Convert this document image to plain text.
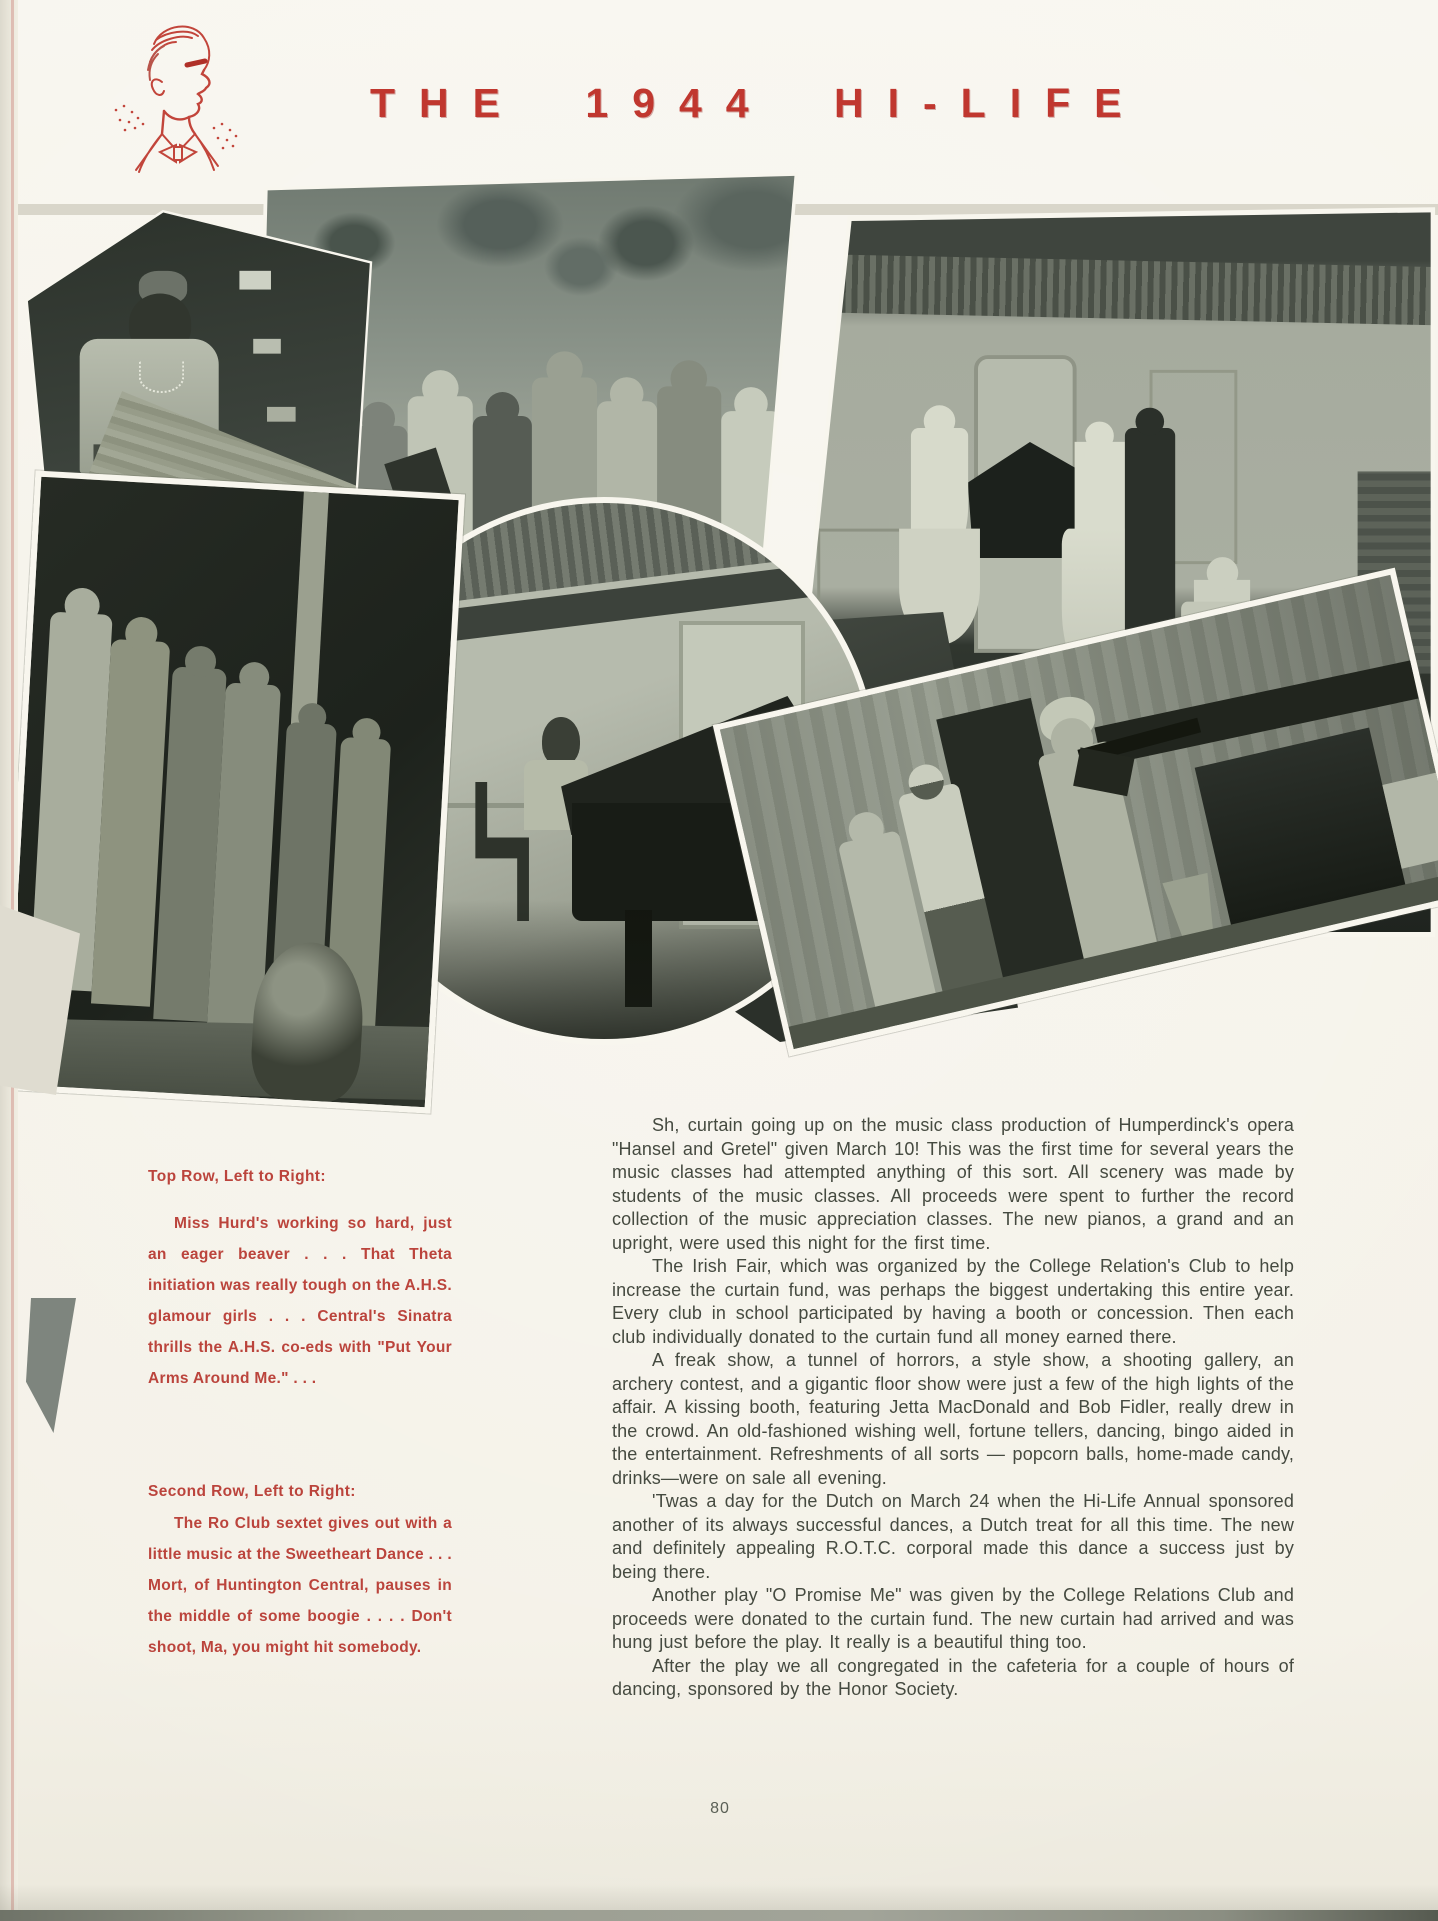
THE 1944 HI-LIFE
Top Row, Left to Right:

Miss Hurd's working so hard, just an eager beaver . . . That Theta initiation was really tough on the A.H.S. glamour girls . . . Central's Sinatra thrills the A.H.S. co-eds with "Put Your Arms Around Me." . . .

Second Row, Left to Right:

The Ro Club sextet gives out with a little music at the Sweetheart Dance . . . Mort, of Huntington Central, pauses in the middle of some boogie . . . . Don't shoot, Ma, you might hit somebody.

Sh, curtain going up on the music class production of Humperdinck's opera "Hansel and Gretel" given March 10! This was the first time for several years the music classes had attempted anything of this sort. All scenery was made by students of the music classes. All proceeds were spent to further the record collection of the music appreciation classes. The new pianos, a grand and an upright, were used this night for the first time.

The Irish Fair, which was organized by the College Relation's Club to help increase the curtain fund, was perhaps the biggest undertaking this entire year. Every club in school participated by having a booth or concession. Then each club individually donated to the curtain fund all money earned there.

A freak show, a tunnel of horrors, a style show, a shooting gallery, an archery contest, and a gigantic floor show were just a few of the high lights of the affair. A kissing booth, featuring Jetta MacDonald and Bob Fidler, really drew in the crowd. An old-fashioned wishing well, fortune tellers, dancing, bingo aided in the entertainment. Refreshments of all sorts — popcorn balls, home-made candy, drinks—were on sale all evening.

'Twas a day for the Dutch on March 24 when the Hi-Life Annual sponsored another of its always successful dances, a Dutch treat for all this time. The new and definitely appealing R.O.T.C. corporal made this dance a success just by being there.

Another play "O Promise Me" was given by the College Relations Club and proceeds were donated to the curtain fund. The new curtain had arrived and was hung just before the play. It really is a beautiful thing too.

After the play we all congregated in the cafeteria for a couple of hours of dancing, sponsored by the Honor Society.

80
